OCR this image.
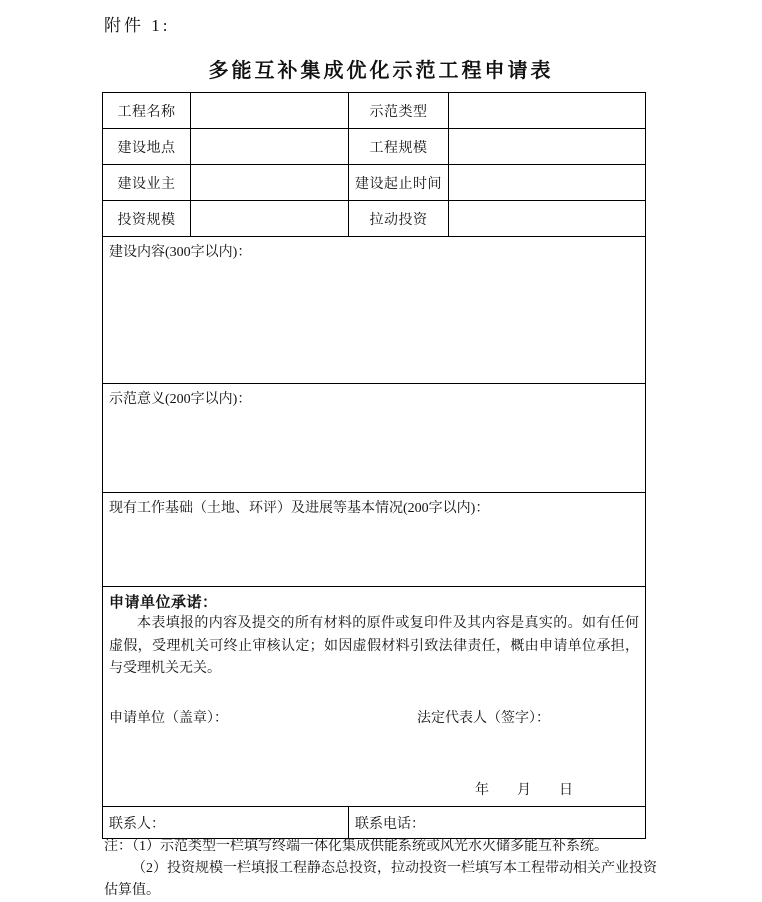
附件 1:
多能互补集成优化示范工程申请表
工程名称		示范类型	
建设地点		工程规模	
建设业主		建设起止时间	
投资规模		拉动投资	

建设内容(300字以内)：			

示范意义(200字以内)：			

现有工作基础（土地、环评）及进展等基本情况(200字以内)：			

申请单位承诺：

本表填报的内容及提交的所有材料的原件或复印件及其内容是真实的。如有任何虚假，受理机关可终止审核认定；如因虚假材料引致法律责任，概由申请单位承担，与受理机关无关。

申请单位（盖章）： 法定代表人（签字）：
年　　月　　日			

联系人：		联系电话：	

注：（1）示范类型一栏填写终端一体化集成供能系统或风光水火储多能互补系统。

（2）投资规模一栏填报工程静态总投资，拉动投资一栏填写本工程带动相关产业投资估算值。
